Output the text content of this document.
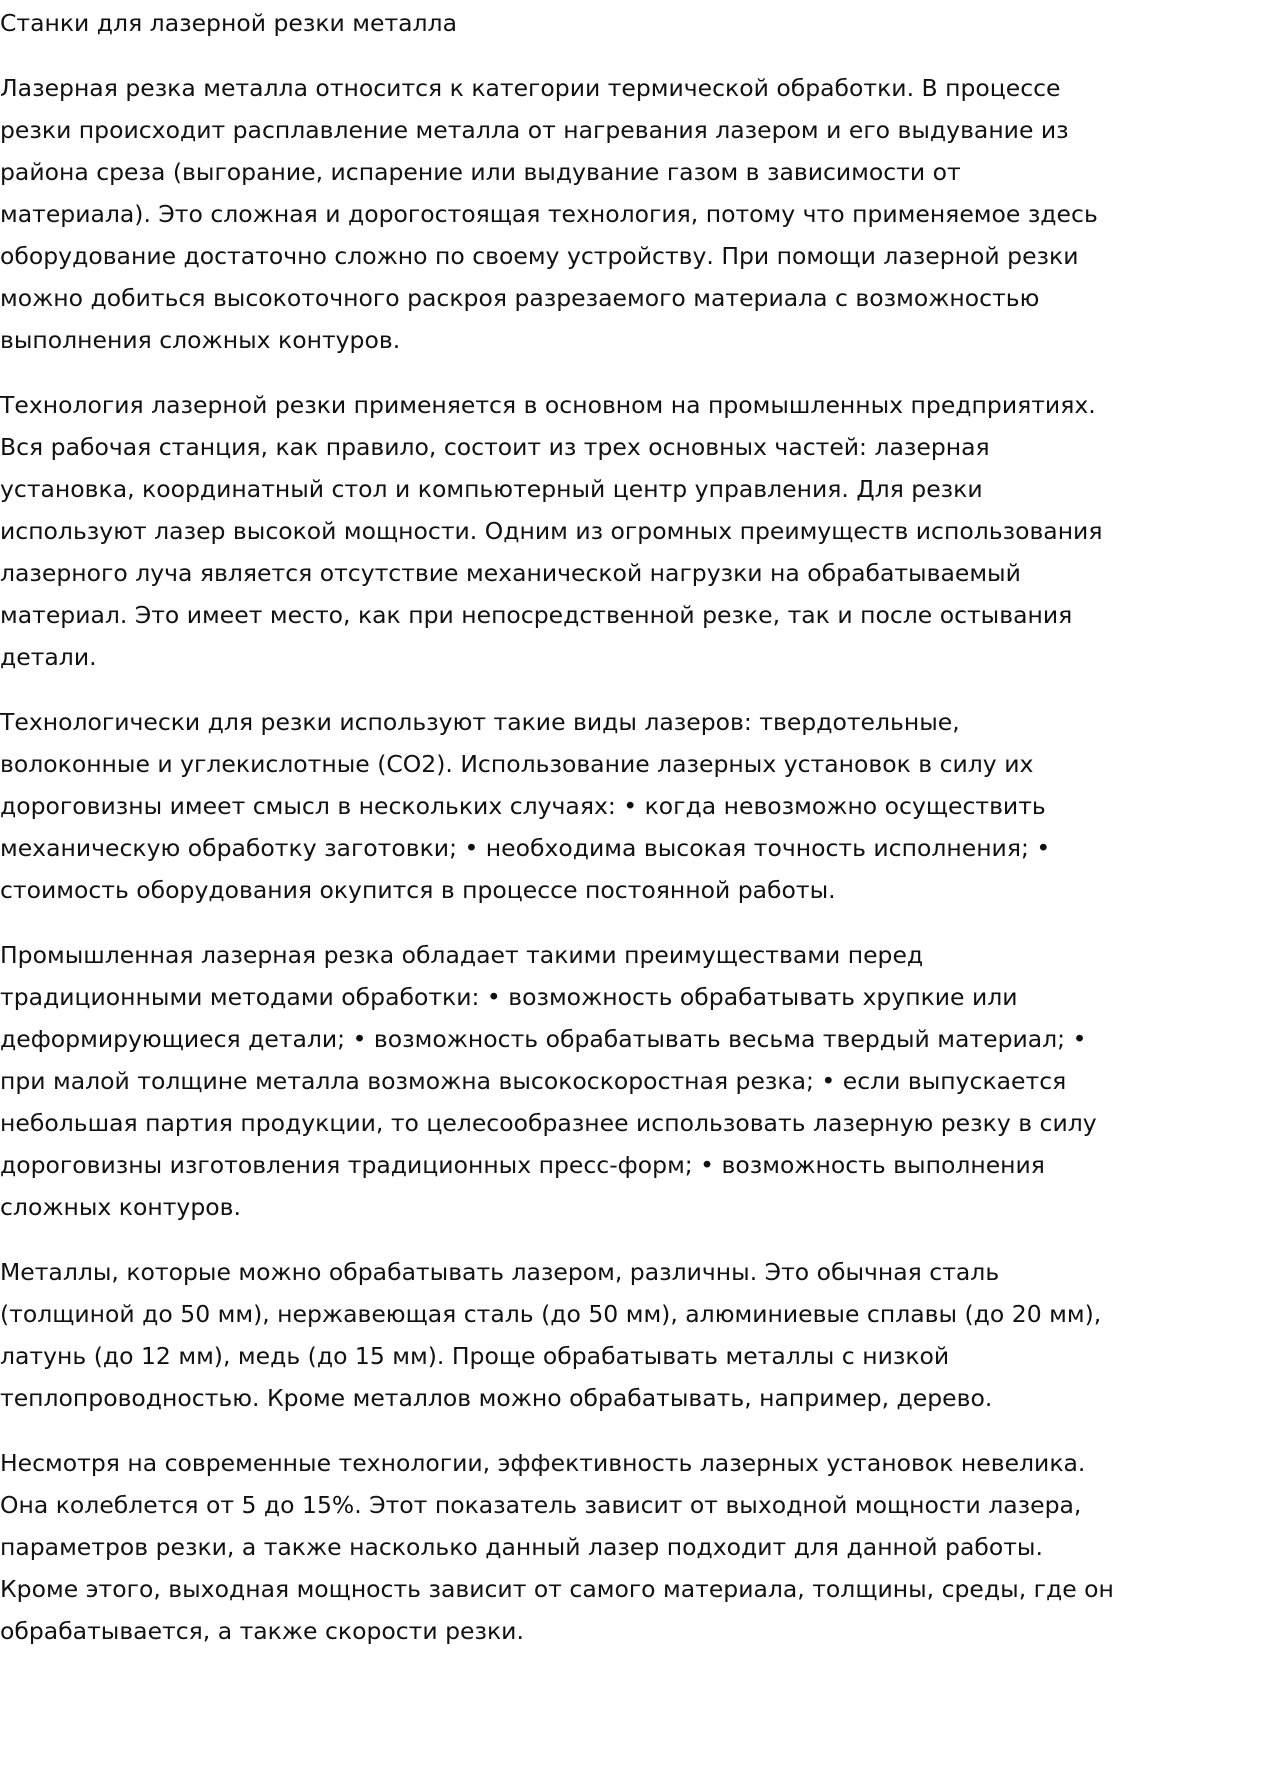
Станки для лазерной резки металла

Лазерная резка металла относится к категории термической обработки. В процессе резки происходит расплавление металла от нагревания лазером и его выдувание из района среза (выгорание, испарение или выдувание газом в зависимости от материала). Это сложная и дорогостоящая технология, потому что применяемое здесь оборудование достаточно сложно по своему устройству. При помощи лазерной резки можно добиться высокоточного раскроя разрезаемого материала с возможностью выполнения сложных контуров.

Технология лазерной резки применяется в основном на промышленных предприятиях. Вся рабочая станция, как правило, состоит из трех основных частей: лазерная установка, координатный стол и компьютерный центр управления. Для резки используют лазер высокой мощности. Одним из огромных преимуществ использования лазерного луча является отсутствие механической нагрузки на обрабатываемый материал. Это имеет место, как при непосредственной резке, так и после остывания детали.

Технологически для резки используют такие виды лазеров: твердотельные, волоконные и углекислотные (CO2). Использование лазерных установок в силу их дороговизны имеет смысл в нескольких случаях: • когда невозможно осуществить механическую обработку заготовки; • необходима высокая точность исполнения; • стоимость оборудования окупится в процессе постоянной работы.

Промышленная лазерная резка обладает такими преимуществами перед традиционными методами обработки: • возможность обрабатывать хрупкие или деформирующиеся детали; • возможность обрабатывать весьма твердый материал; • при малой толщине металла возможна высокоскоростная резка; • если выпускается небольшая партия продукции, то целесообразнее использовать лазерную резку в силу дороговизны изготовления традиционных пресс-форм; • возможность выполнения сложных контуров.

Металлы, которые можно обрабатывать лазером, различны. Это обычная сталь (толщиной до 50 мм), нержавеющая сталь (до 50 мм), алюминиевые сплавы (до 20 мм), латунь (до 12 мм), медь (до 15 мм). Проще обрабатывать металлы с низкой теплопроводностью. Кроме металлов можно обрабатывать, например, дерево.

Несмотря на современные технологии, эффективность лазерных установок невелика. Она колеблется от 5 до 15%. Этот показатель зависит от выходной мощности лазера, параметров резки, а также насколько данный лазер подходит для данной работы. Кроме этого, выходная мощность зависит от самого материала, толщины, среды, где он обрабатывается, а также скорости резки.
